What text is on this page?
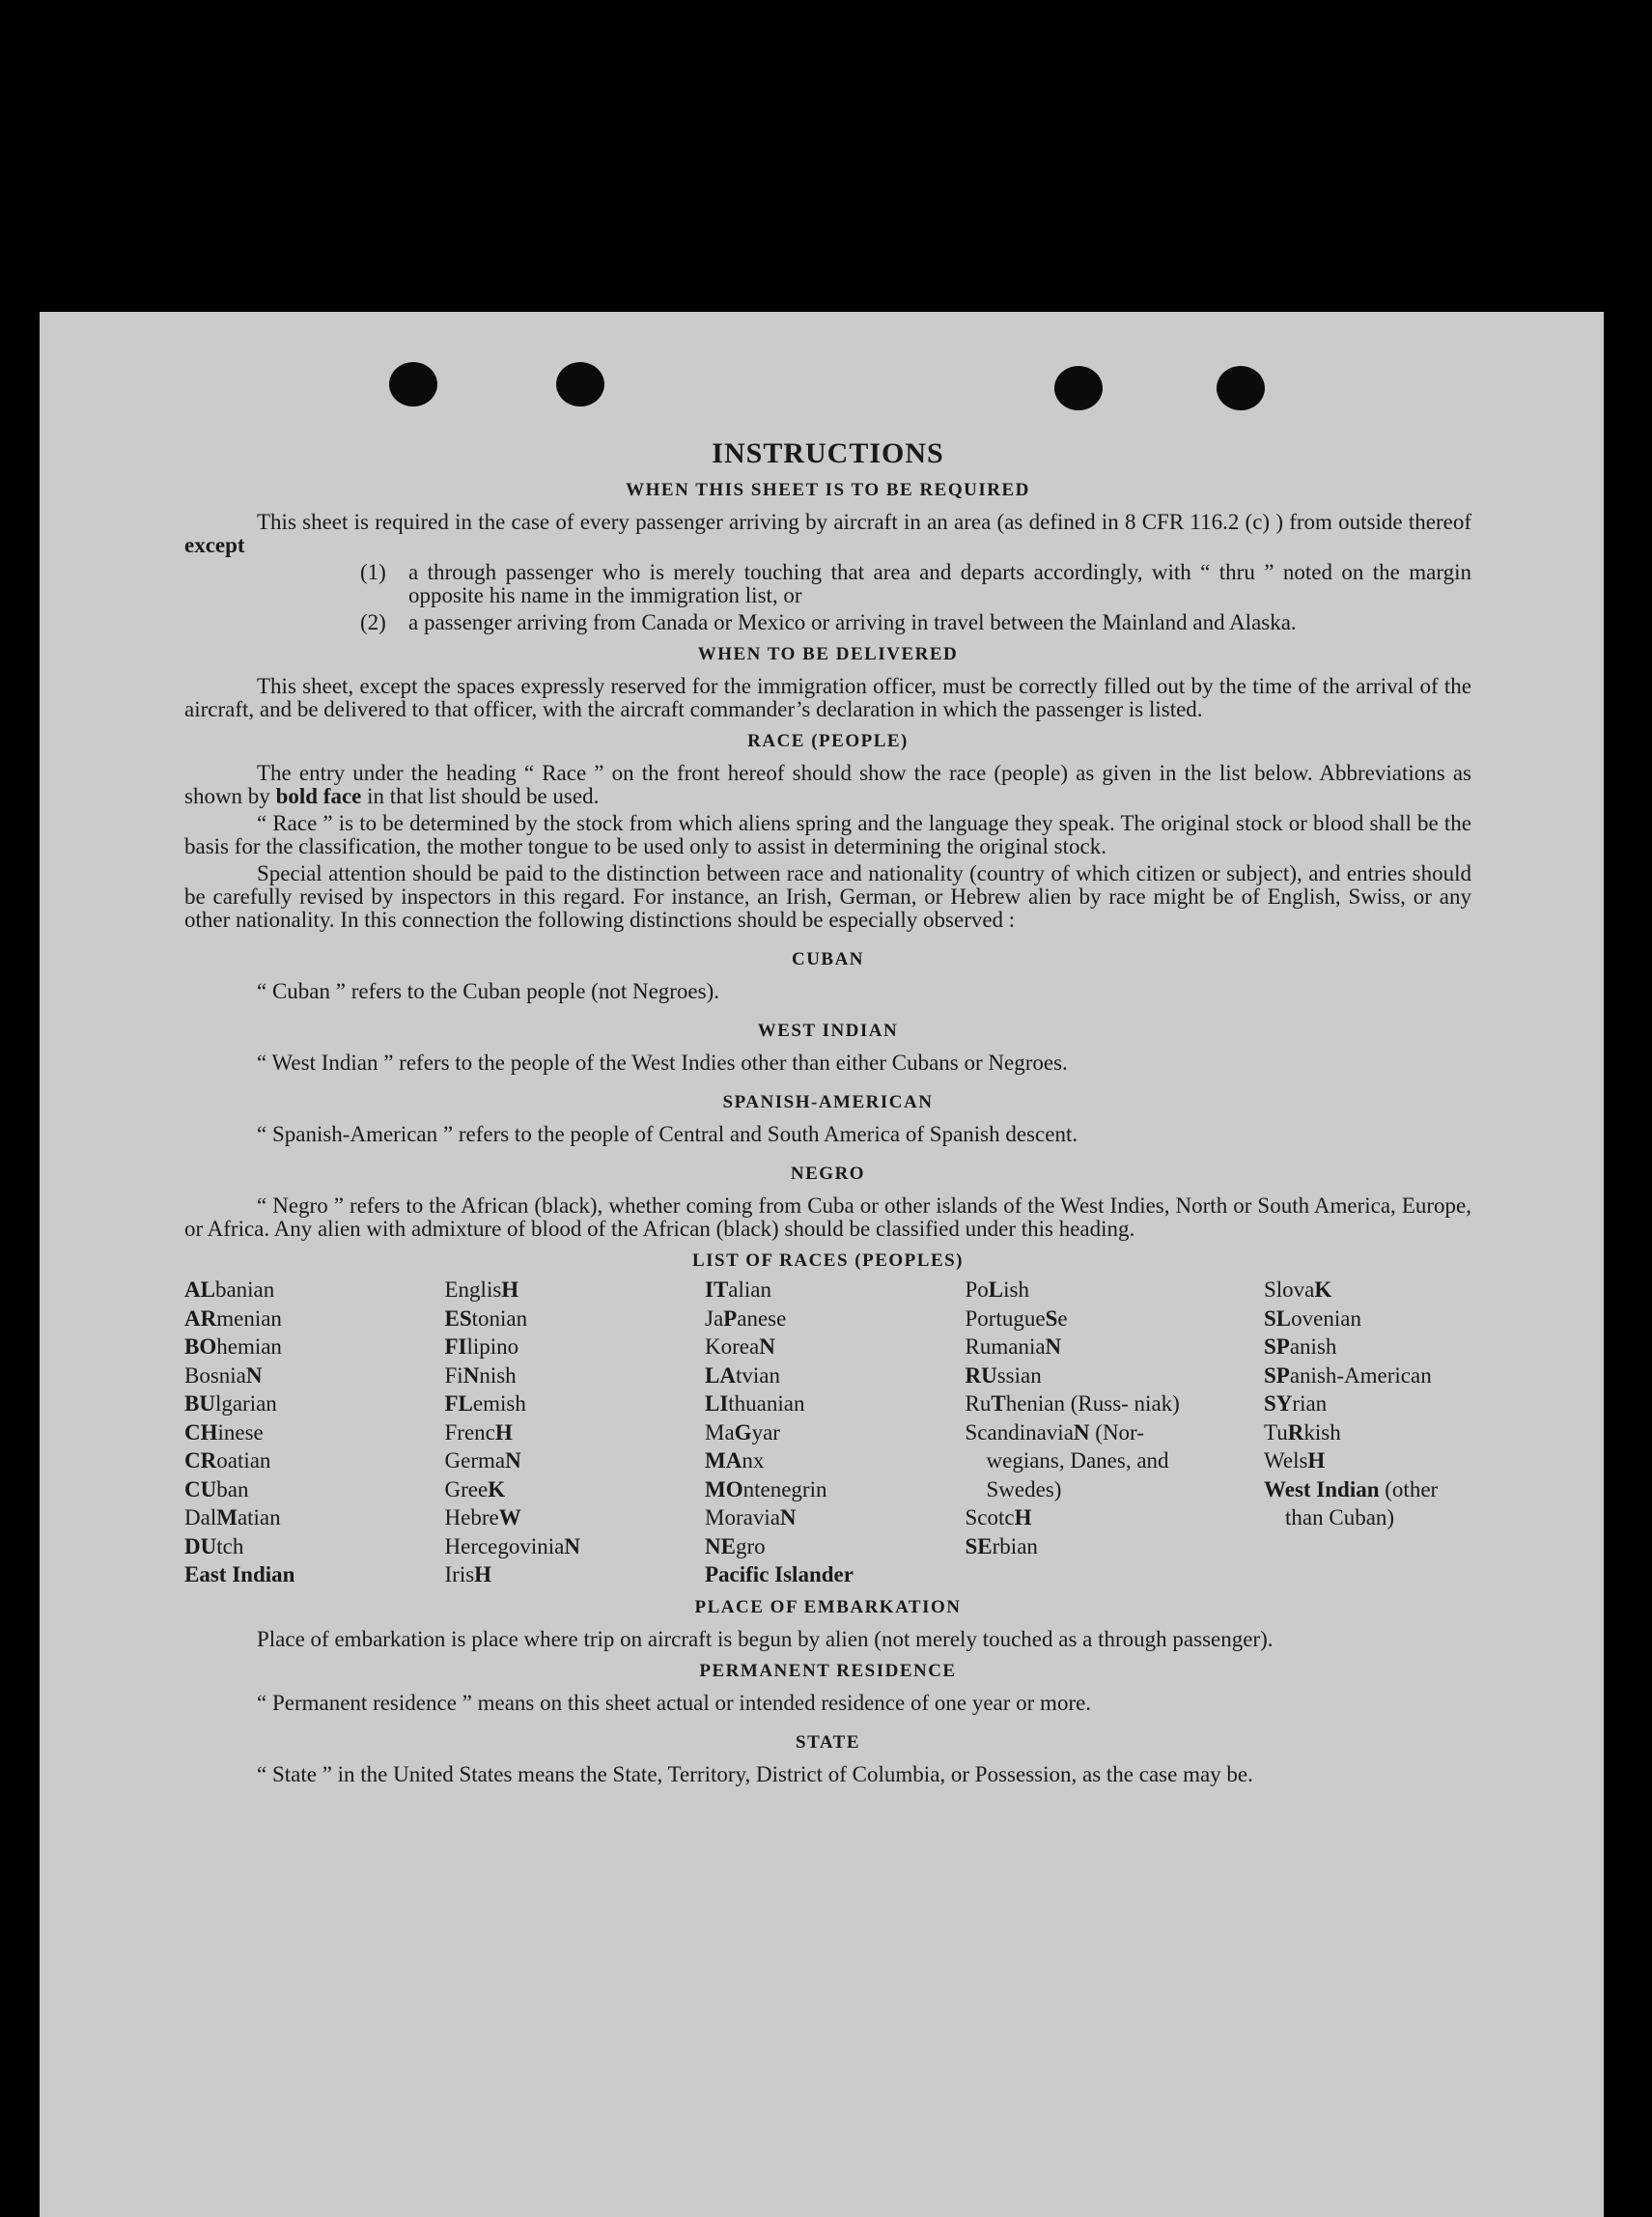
INSTRUCTIONS
WHEN THIS SHEET IS TO BE REQUIRED

This sheet is required in the case of every passenger arriving by aircraft in an area (as defined in 8 CFR 116.2 (c) ) from outside thereof except

(1) a through passenger who is merely touching that area and departs accordingly, with “ thru ” noted on the margin opposite his name in the immigration list, or

(2) a passenger arriving from Canada or Mexico or arriving in travel between the Mainland and Alaska.

WHEN TO BE DELIVERED

This sheet, except the spaces expressly reserved for the immigration officer, must be correctly filled out by the time of the arrival of the aircraft, and be delivered to that officer, with the aircraft commander’s declaration in which the passenger is listed.

RACE (PEOPLE)

The entry under the heading “ Race ” on the front hereof should show the race (people) as given in the list below. Abbreviations as shown by bold face in that list should be used.

“ Race ” is to be determined by the stock from which aliens spring and the language they speak. The original stock or blood shall be the basis for the classification, the mother tongue to be used only to assist in determining the original stock.

Special attention should be paid to the distinction between race and nationality (country of which citizen or subject), and entries should be carefully revised by inspectors in this regard. For instance, an Irish, German, or Hebrew alien by race might be of English, Swiss, or any other nationality. In this connection the following distinctions should be especially observed :

CUBAN

“ Cuban ” refers to the Cuban people (not Negroes).

WEST INDIAN

“ West Indian ” refers to the people of the West Indies other than either Cubans or Negroes.

SPANISH-AMERICAN

“ Spanish-American ” refers to the people of Central and South America of Spanish descent.

NEGRO

“ Negro ” refers to the African (black), whether coming from Cuba or other islands of the West Indies, North or South America, Europe, or Africa. Any alien with admixture of blood of the African (black) should be classified under this heading.

LIST OF RACES (PEOPLES)
ALbanian
ARmenian
BOhemian
BosniaN
BUlgarian
CHinese
CRoatian
CUban
DalMatian
DUtch
East Indian
EnglisH
EStonian
FIlipino
FiNnish
FLemish
FrencH
GermaN
GreeK
HebreW
HercegoviniaN
IrisH
ITalian
JaPanese
KoreaN
LAtvian
LIthuanian
MaGyar
MAnx
MOntenegrin
MoraviaN
NEgro
Pacific Islander
PoLish
PortugueSe
RumaniaN
RUssian
RuThenian (Russ- niak)
ScandinaviaN (Nor- wegians, Danes, and Swedes)
ScotcH
SErbian
SlovaK
SLovenian
SPanish
SPanish-American
SYrian
TuRkish
WelsH
West Indian (other than Cuban)
PLACE OF EMBARKATION

Place of embarkation is place where trip on aircraft is begun by alien (not merely touched as a through passenger).

PERMANENT RESIDENCE

“ Permanent residence ” means on this sheet actual or intended residence of one year or more.

STATE

“ State ” in the United States means the State, Territory, District of Columbia, or Possession, as the case may be.
